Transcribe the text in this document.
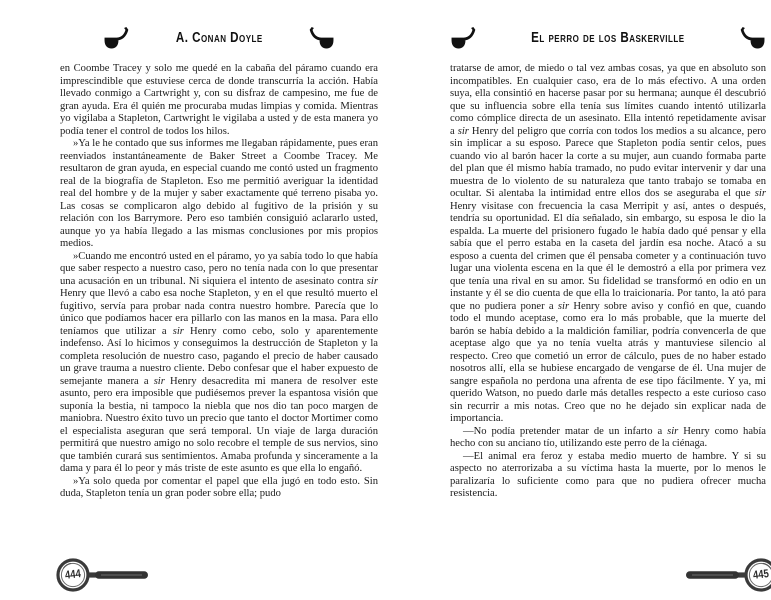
A. Conan Doyle

en Coombe Tracey y solo me quedé en la cabaña del páramo cuando era imprescindible que estuviese cerca de donde transcurría la acción. Había llevado conmigo a Cartwright y, con su disfraz de campesino, me fue de gran ayuda. Era él quién me procuraba mudas limpias y comida. Mientras yo vigilaba a Stapleton, Cartwright le vigilaba a usted y de esta manera yo podía tener el control de todos los hilos.

»Ya le he contado que sus informes me llegaban rápidamente, pues eran reenviados instantáneamente de Baker Street a Coombe Tracey. Me resultaron de gran ayuda, en especial cuando me contó usted un fragmento real de la biografía de Stapleton. Eso me permitió averiguar la identidad real del hombre y de la mujer y saber exactamente qué terreno pisaba yo. Las cosas se complicaron algo debido al fugitivo de la prisión y su relación con los Barrymore. Pero eso también consiguió aclararlo usted, aunque yo ya había llegado a las mismas conclusiones por mis propios medios.

»Cuando me encontró usted en el páramo, yo ya sabía todo lo que había que saber respecto a nuestro caso, pero no tenía nada con lo que presentar una acusación en un tribunal. Ni siquiera el intento de asesinato contra sir Henry que llevó a cabo esa noche Stapleton, y en el que resultó muerto el fugitivo, servía para probar nada contra nuestro hombre. Parecía que lo único que podíamos hacer era pillarlo con las manos en la masa. Para ello teníamos que utilizar a sir Henry como cebo, solo y aparentemente indefenso. Así lo hicimos y conseguimos la destrucción de Stapleton y la completa resolución de nuestro caso, pagando el precio de haber causado un grave trauma a nuestro cliente. Debo confesar que el haber expuesto de semejante manera a sir Henry desacredita mi manera de resolver este asunto, pero era imposible que pudiésemos prever la espantosa visión que suponía la bestia, ni tampoco la niebla que nos dio tan poco margen de maniobra. Nuestro éxito tuvo un precio que tanto el doctor Mortimer como el especialista aseguran que será temporal. Un viaje de larga duración permitirá que nuestro amigo no solo recobre el temple de sus nervios, sino que también curará sus sentimientos. Amaba profunda y sinceramente a la dama y para él lo peor y más triste de este asunto es que ella lo engañó.

»Ya solo queda por comentar el papel que ella jugó en todo esto. Sin duda, Stapleton tenía un gran poder sobre ella; pudo

444
El perro de los Baskerville

tratarse de amor, de miedo o tal vez ambas cosas, ya que en absoluto son incompatibles. En cualquier caso, era de lo más efectivo. A una orden suya, ella consintió en hacerse pasar por su hermana; aunque él descubrió que su influencia sobre ella tenía sus límites cuando intentó utilizarla como cómplice directa de un asesinato. Ella intentó repetidamente avisar a sir Henry del peligro que corría con todos los medios a su alcance, pero sin implicar a su esposo. Parece que Stapleton podía sentir celos, pues cuando vio al barón hacer la corte a su mujer, aun cuando formaba parte del plan que él mismo había tramado, no pudo evitar intervenir y dar una muestra de lo violento de su naturaleza que tanto trabajo se tomaba en ocultar. Si alentaba la intimidad entre ellos dos se aseguraba el que sir Henry visitase con frecuencia la casa Merripit y así, antes o después, tendría su oportunidad. El día señalado, sin embargo, su esposa le dio la espalda. La muerte del prisionero fugado le había dado qué pensar y ella sabía que el perro estaba en la caseta del jardín esa noche. Atacó a su esposo a cuenta del crimen que él pensaba cometer y a continuación tuvo lugar una violenta escena en la que él le demostró a ella por primera vez que tenía una rival en su amor. Su fidelidad se transformó en odio en un instante y él se dio cuenta de que ella lo traicionaría. Por tanto, la ató para que no pudiera poner a sir Henry sobre aviso y confió en que, cuando todo el mundo aceptase, como era lo más probable, que la muerte del barón se había debido a la maldición familiar, podría convencerla de que aceptase algo que ya no tenía vuelta atrás y mantuviese silencio al respecto. Creo que cometió un error de cálculo, pues de no haber estado nosotros allí, ella se hubiese encargado de vengarse de él. Una mujer de sangre española no perdona una afrenta de ese tipo fácilmente. Y ya, mi querido Watson, no puedo darle más detalles respecto a este curioso caso sin recurrir a mis notas. Creo que no he dejado sin explicar nada de importancia.

—No podía pretender matar de un infarto a sir Henry como había hecho con su anciano tío, utilizando este perro de la ciénaga.

—El animal era feroz y estaba medio muerto de hambre. Y si su aspecto no aterrorizaba a su víctima hasta la muerte, por lo menos le paralizaría lo suficiente como para que no pudiera ofrecer mucha resistencia.

445
